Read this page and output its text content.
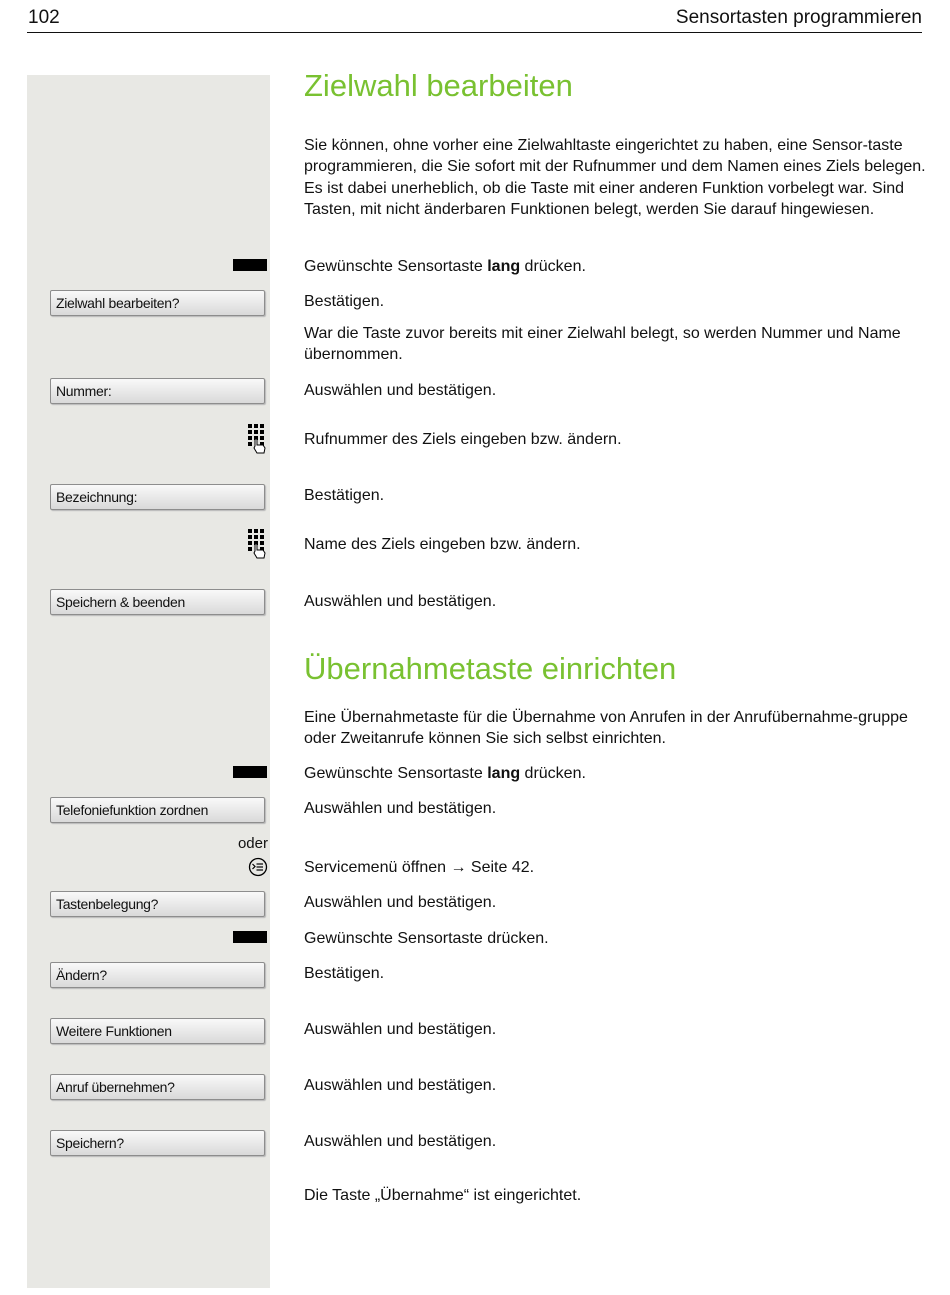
102	Sensortasten programmieren
Zielwahl bearbeiten
Sie können, ohne vorher eine Zielwahltaste eingerichtet zu haben, eine Sensor-taste programmieren, die Sie sofort mit der Rufnummer und dem Namen eines Ziels belegen. Es ist dabei unerheblich, ob die Taste mit einer anderen Funktion vorbelegt war. Sind Tasten, mit nicht änderbaren Funktionen belegt, werden Sie darauf hingewiesen.
Gewünschte Sensortaste lang drücken.
Zielwahl bearbeiten?	Bestätigen.
War die Taste zuvor bereits mit einer Zielwahl belegt, so werden Nummer und Name übernommen.
Nummer:	Auswählen und bestätigen.
Rufnummer des Ziels eingeben bzw. ändern.
Bezeichnung:	Bestätigen.
Name des Ziels eingeben bzw. ändern.
Speichern & beenden	Auswählen und bestätigen.
Übernahmetaste einrichten
Eine Übernahmetaste für die Übernahme von Anrufen in der Anrufübernahme-gruppe oder Zweitanrufe können Sie sich selbst einrichten.
Gewünschte Sensortaste lang drücken.
Telefoniefunktion zordnen	Auswählen und bestätigen.
oder
Servicemenü öffnen → Seite 42.
Tastenbelegung?	Auswählen und bestätigen.
Gewünschte Sensortaste drücken.
Ändern?	Bestätigen.
Weitere Funktionen	Auswählen und bestätigen.
Anruf übernehmen?	Auswählen und bestätigen.
Speichern?	Auswählen und bestätigen.
Die Taste „Übernahme“ ist eingerichtet.
